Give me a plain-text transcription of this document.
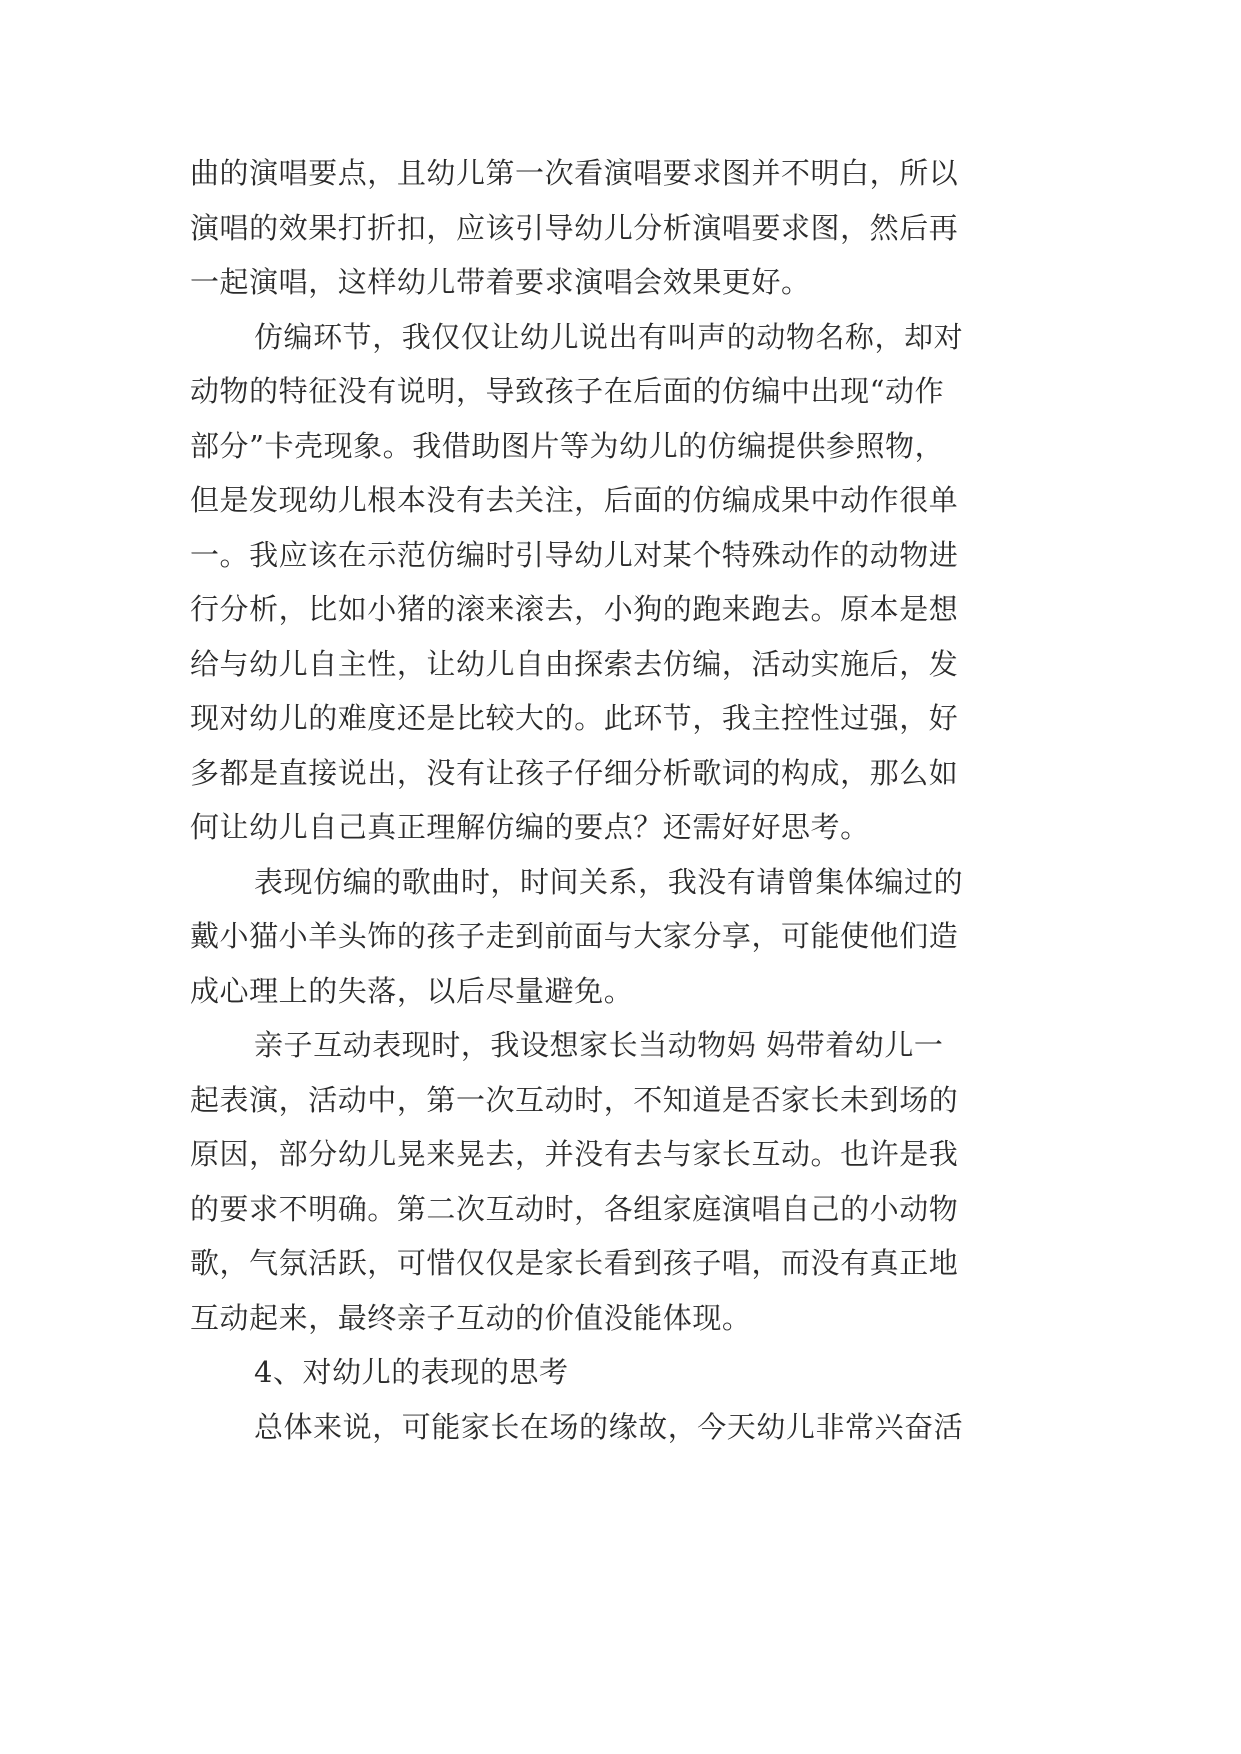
曲的演唱要点，且幼儿第一次看演唱要求图并不明白，所以
演唱的效果打折扣，应该引导幼儿分析演唱要求图，然后再
一起演唱，这样幼儿带着要求演唱会效果更好。
仿编环节，我仅仅让幼儿说出有叫声的动物名称，却对
动物的特征没有说明，导致孩子在后面的仿编中出现“动作
部分”卡壳现象。我借助图片等为幼儿的仿编提供参照物，
但是发现幼儿根本没有去关注，后面的仿编成果中动作很单
一。我应该在示范仿编时引导幼儿对某个特殊动作的动物进
行分析，比如小猪的滚来滚去，小狗的跑来跑去。原本是想
给与幼儿自主性，让幼儿自由探索去仿编，活动实施后，发
现对幼儿的难度还是比较大的。此环节，我主控性过强，好
多都是直接说出，没有让孩子仔细分析歌词的构成，那么如
何让幼儿自己真正理解仿编的要点？还需好好思考。
表现仿编的歌曲时，时间关系，我没有请曾集体编过的
戴小猫小羊头饰的孩子走到前面与大家分享，可能使他们造
成心理上的失落，以后尽量避免。
亲子互动表现时，我设想家长当动物妈 妈带着幼儿一
起表演，活动中，第一次互动时，不知道是否家长未到场的
原因，部分幼儿晃来晃去，并没有去与家长互动。也许是我
的要求不明确。第二次互动时，各组家庭演唱自己的小动物
歌，气氛活跃，可惜仅仅是家长看到孩子唱，而没有真正地
互动起来，最终亲子互动的价值没能体现。
4、对幼儿的表现的思考
总体来说，可能家长在场的缘故，今天幼儿非常兴奋活
